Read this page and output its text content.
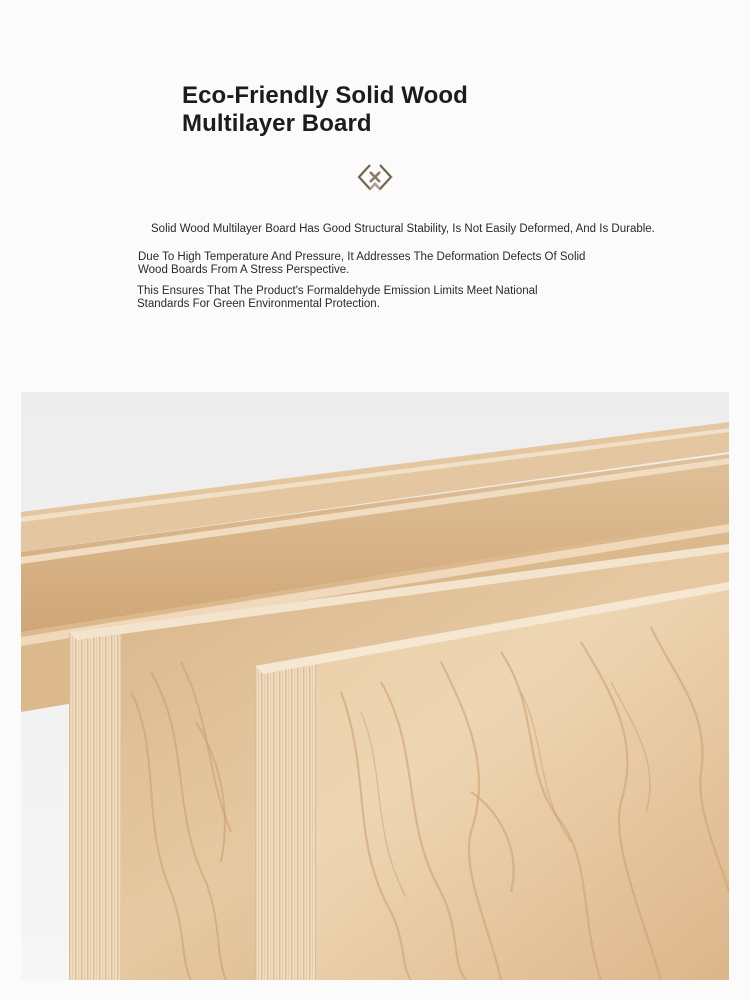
Eco-Friendly Solid Wood
Multilayer Board

Solid Wood Multilayer Board Has Good Structural Stability, Is Not Easily Deformed, And Is Durable.

Due To High Temperature And Pressure, It Addresses The Deformation Defects Of Solid Wood Boards From A Stress Perspective.

This Ensures That The Product's Formaldehyde Emission Limits Meet National Standards For Green Environmental Protection.
